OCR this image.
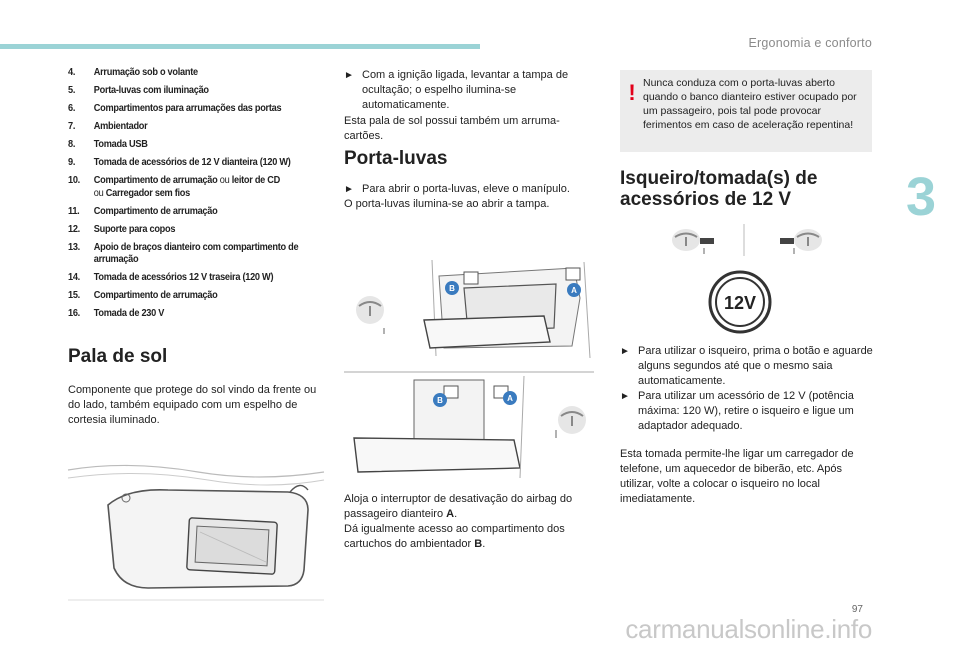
Ergonomia e conforto
3
4.	Arrumação sob o volante
5.	Porta-luvas com iluminação
6.	Compartimentos para arrumações das portas
7.	Ambientador
8.	Tomada USB
9.	Tomada de acessórios de 12 V dianteira (120 W)
10.	Compartimento de arrumação ou leitor de CD
ou Carregador sem fios
11.	Compartimento de arrumação
12.	Suporte para copos
13.	Apoio de braços dianteiro com compartimento de arrumação
14.	Tomada de acessórios 12 V traseira (120 W)
15.	Compartimento de arrumação
16.	Tomada de 230 V
Pala de sol

Componente que protege do sol vindo da frente ou do lado, também equipado com um espelho de cortesia iluminado.

► Com a ignição ligada, levantar a tampa de ocultação; o espelho ilumina-se automaticamente.

Esta pala de sol possui também um arruma-cartões.

Porta-luvas
► Para abrir o porta-luvas, eleve o manípulo.

O porta-luvas ilumina-se ao abrir a tampa.

B	A
B	A
Aloja o interruptor de desativação do airbag do passageiro dianteiro A.
Dá igualmente acesso ao compartimento dos cartuchos do ambientador B.
! Nunca conduza com o porta-luvas aberto quando o banco dianteiro estiver ocupado por um passageiro, pois tal pode provocar ferimentos em caso de aceleração repentina!
Isqueiro/tomada(s) de acessórios de 12 V
12V
► Para utilizar o isqueiro, prima o botão e aguarde alguns segundos até que o mesmo saia automaticamente.
► Para utilizar um acessório de 12 V (potência máxima: 120 W), retire o isqueiro e ligue um adaptador adequado.

Esta tomada permite-lhe ligar um carregador de telefone, um aquecedor de biberão, etc. Após utilizar, volte a colocar o isqueiro no local imediatamente.

97
carmanualsonline.info
